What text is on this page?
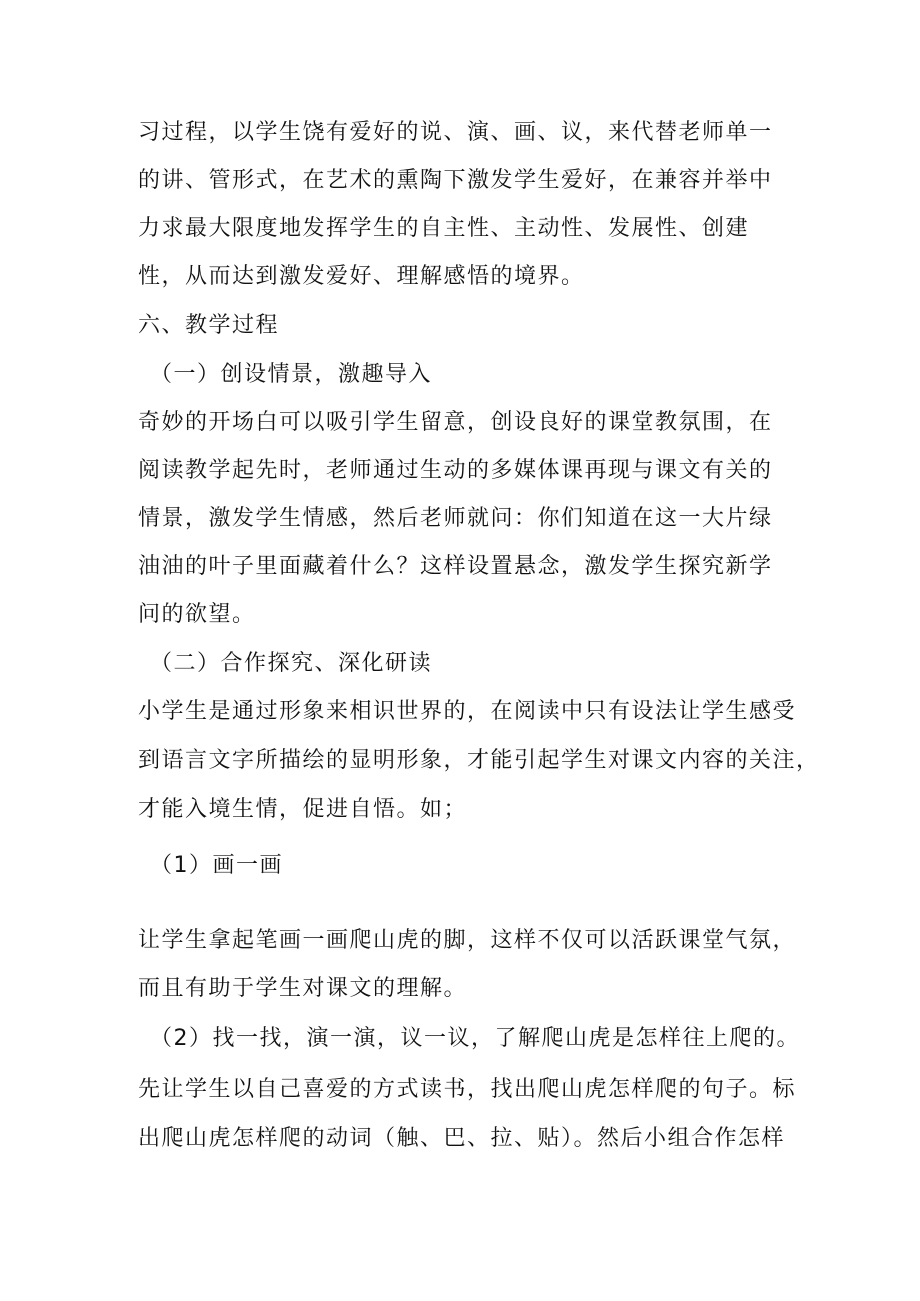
习过程，以学生饶有爱好的说、演、画、议，来代替老师单一
的讲、管形式，在艺术的熏陶下激发学生爱好，在兼容并举中
力求最大限度地发挥学生的自主性、主动性、发展性、创建
性，从而达到激发爱好、理解感悟的境界。
六、教学过程
（一）创设情景，激趣导入
奇妙的开场白可以吸引学生留意，创设良好的课堂教氛围，在
阅读教学起先时，老师通过生动的多媒体课再现与课文有关的
情景，激发学生情感，然后老师就问：你们知道在这一大片绿
油油的叶子里面藏着什么？这样设置悬念，激发学生探究新学
问的欲望。
（二）合作探究、深化研读
小学生是通过形象来相识世界的，在阅读中只有设法让学生感受
到语言文字所描绘的显明形象，才能引起学生对课文内容的关注，
才能入境生情，促进自悟。如；
（1）画一画
让学生拿起笔画一画爬山虎的脚，这样不仅可以活跃课堂气氛，
而且有助于学生对课文的理解。
（2）找一找，演一演，议一议，了解爬山虎是怎样往上爬的。
先让学生以自己喜爱的方式读书，找出爬山虎怎样爬的句子。标
出爬山虎怎样爬的动词（触、巴、拉、贴）。然后小组合作怎样
